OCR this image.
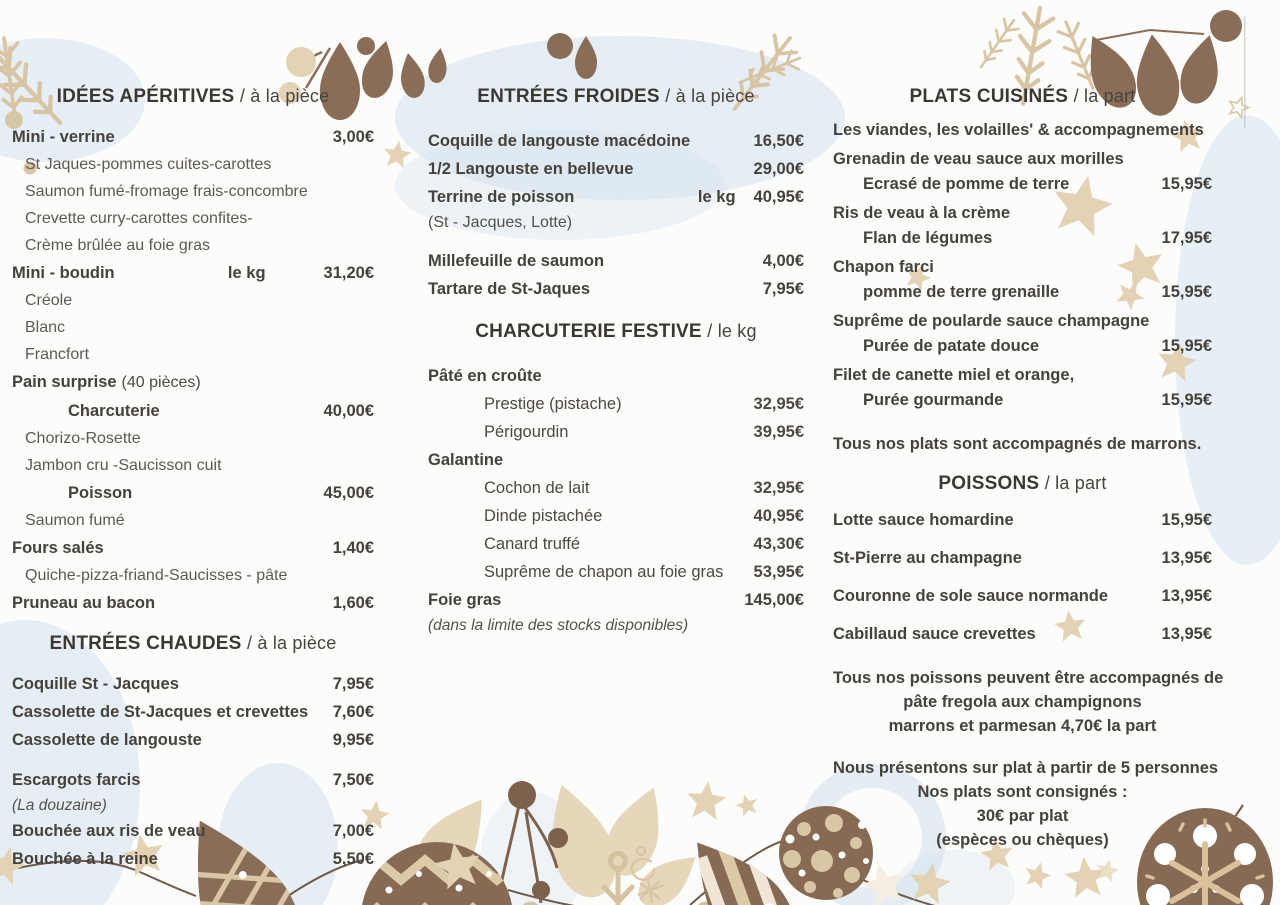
IDÉES APÉRITIVES / à la pièce
Mini - verrine	3,00€
St Jaques-pommes cuites-carottes
Saumon fumé-fromage frais-concombre
Crevette curry-carottes confites-
Crème brûlée au foie gras
Mini - boudin	le kg	31,20€
Créole
Blanc
Francfort
Pain surprise (40 pièces)
Charcuterie	40,00€
Chorizo-Rosette
Jambon cru -Saucisson cuit
Poisson	45,00€
Saumon fumé
Fours salés	1,40€
Quiche-pizza-friand-Saucisses - pâte
Pruneau au bacon	1,60€
ENTRÉES CHAUDES / à la pièce
Coquille St - Jacques	7,95€
Cassolette de St-Jacques et crevettes 7,60€
Cassolette de langouste	9,95€
Escargots farcis	7,50€
(La douzaine)
Bouchée aux ris de veau	7,00€
Bouchée à la reine	5,50€
ENTRÉES FROIDES / à la pièce
Coquille de langouste macédoine	16,50€
1/2 Langouste en bellevue	29,00€
Terrine de poisson	le kg 40,95€
(St - Jacques, Lotte)
Millefeuille de saumon	4,00€
Tartare de St-Jaques	7,95€
CHARCUTERIE FESTIVE / le kg
Pâté en croûte
Prestige (pistache)	32,95€
Périgourdin	39,95€
Galantine
Cochon de lait	32,95€
Dinde pistachée	40,95€
Canard truffé	43,30€
Suprême de chapon au foie gras 53,95€
Foie gras	145,00€
(dans la limite des stocks disponibles)
PLATS CUISINÉS / la part
Les viandes, les volailles' & accompagnements
Grenadin de veau sauce aux morilles
Ecrasé de pomme de terre	15,95€
Ris de veau à la crème
Flan de légumes	17,95€
Chapon farci
pomme de terre grenaille	15,95€
Suprême de poularde sauce champagne
Purée de patate douce	15,95€
Filet de canette miel et orange,
Purée gourmande	15,95€
Tous nos plats sont accompagnés de marrons.
POISSONS / la part
Lotte sauce homardine	15,95€
St-Pierre au champagne	13,95€
Couronne de sole sauce normande	13,95€
Cabillaud sauce crevettes	13,95€
Tous nos poissons peuvent être accompagnés de
pâte fregola aux champignons
marrons et parmesan 4,70€ la part
Nous présentons sur plat à partir de 5 personnes
Nos plats sont consignés :
30€ par plat
(espèces ou chèques)
